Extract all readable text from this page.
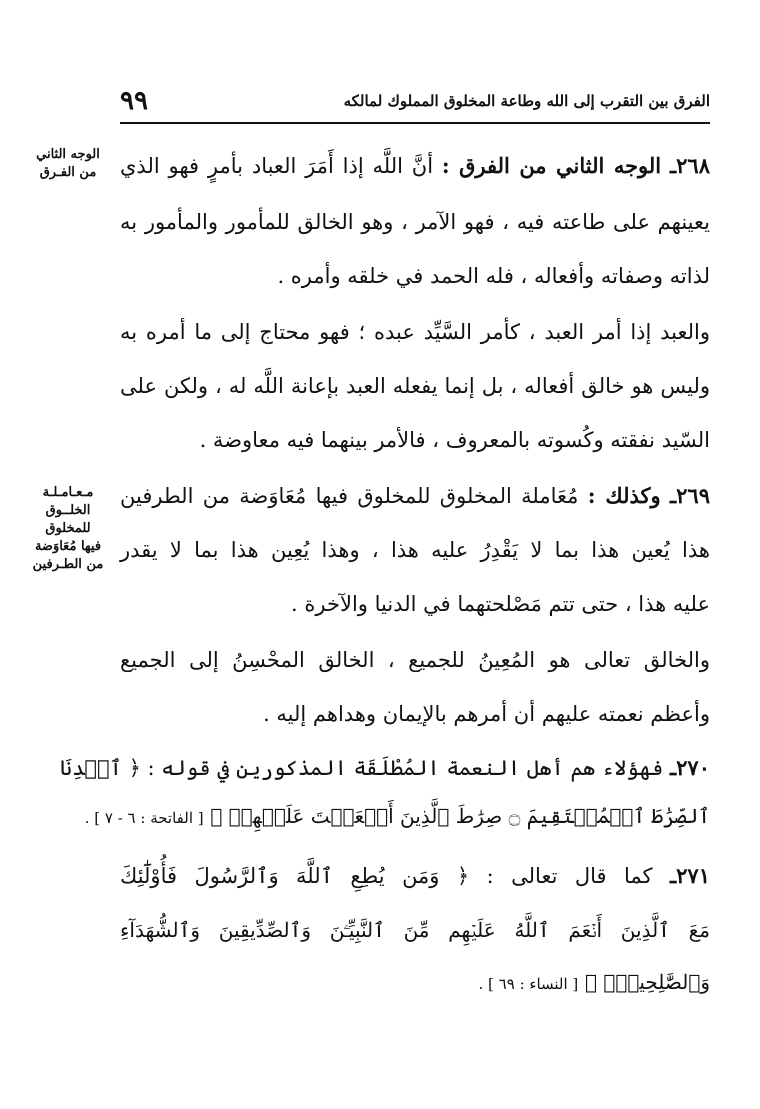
الفرق بين التقرب إلى الله وطاعة المخلوق المملوك لمالكه
٩٩
الوجه الثاني
من الفـرق
مـعـامـلـة
الخلــوق
للمخلوق
فيها مُعَاوَضة
من الطـرفين
٢٦٨ـ الوجه الثاني من الفرق : أنَّ اللَّه إذا أَمَرَ العباد بأمرٍ فهو الذي
يعينهم على طاعته فيه ، فهو الآمر ، وهو الخالق للمأمور والمأمور به
لذاته وصفاته وأفعاله ، فله الحمد في خلقه وأمره .
والعبد إذا أمر العبد ، كأمر السَّيِّد عبده ؛ فهو محتاج إلى ما أمره به
وليس هو خالق أفعاله ، بل إنما يفعله العبد بإعانة اللَّه له ، ولكن على
السّيد نفقته وكُسوته بالمعروف ، فالأمر بينهما فيه معاوضة .
٢٦٩ـ وكذلك : مُعَاملة المخلوق للمخلوق فيها مُعَاوَضة من الطرفين
هذا يُعين هذا بما لا يَقْدِرُ عليه هذا ، وهذا يُعِين هذا بما لا يقدر
عليه هذا ، حتى تتم مَصْلحتهما في الدنيا والآخرة .
والخالق تعالى هو المُعِينُ للجميع ، الخالق المحْسِنُ إلى الجميع
وأعظم نعمته عليهم أن أمرهم بالإيمان وهداهم إليه .
٢٧٠ـ فهؤلاء هم أهل النعمة المُطْلَقَة المذكورين في قوله : ﴿ ٱهۡدِنَا
ٱلصِّرَٰطَ ٱلۡمُسۡتَقِيمَ ۝ صِرَٰطَ ٱلَّذِينَ أَنۡعَمۡتَ عَلَيۡهِمۡ ﴾ [ الفاتحة : ٦ - ٧ ] .
٢٧١ـ كما قال تعالى : ﴿ وَمَن يُطِعِ ٱللَّهَ وَٱلرَّسُولَ فَأُوْلَٰٓئِكَ
مَعَ ٱلَّذِينَ أَنۡعَمَ ٱللَّهُ عَلَيۡهِم مِّنَ ٱلنَّبِيِّـۧنَ وَٱلصِّدِّيقِينَ وَٱلشُّهَدَآءِ
وَٱلصَّٰلِحِينَۚ ﴾ [ النساء : ٦٩ ] .
